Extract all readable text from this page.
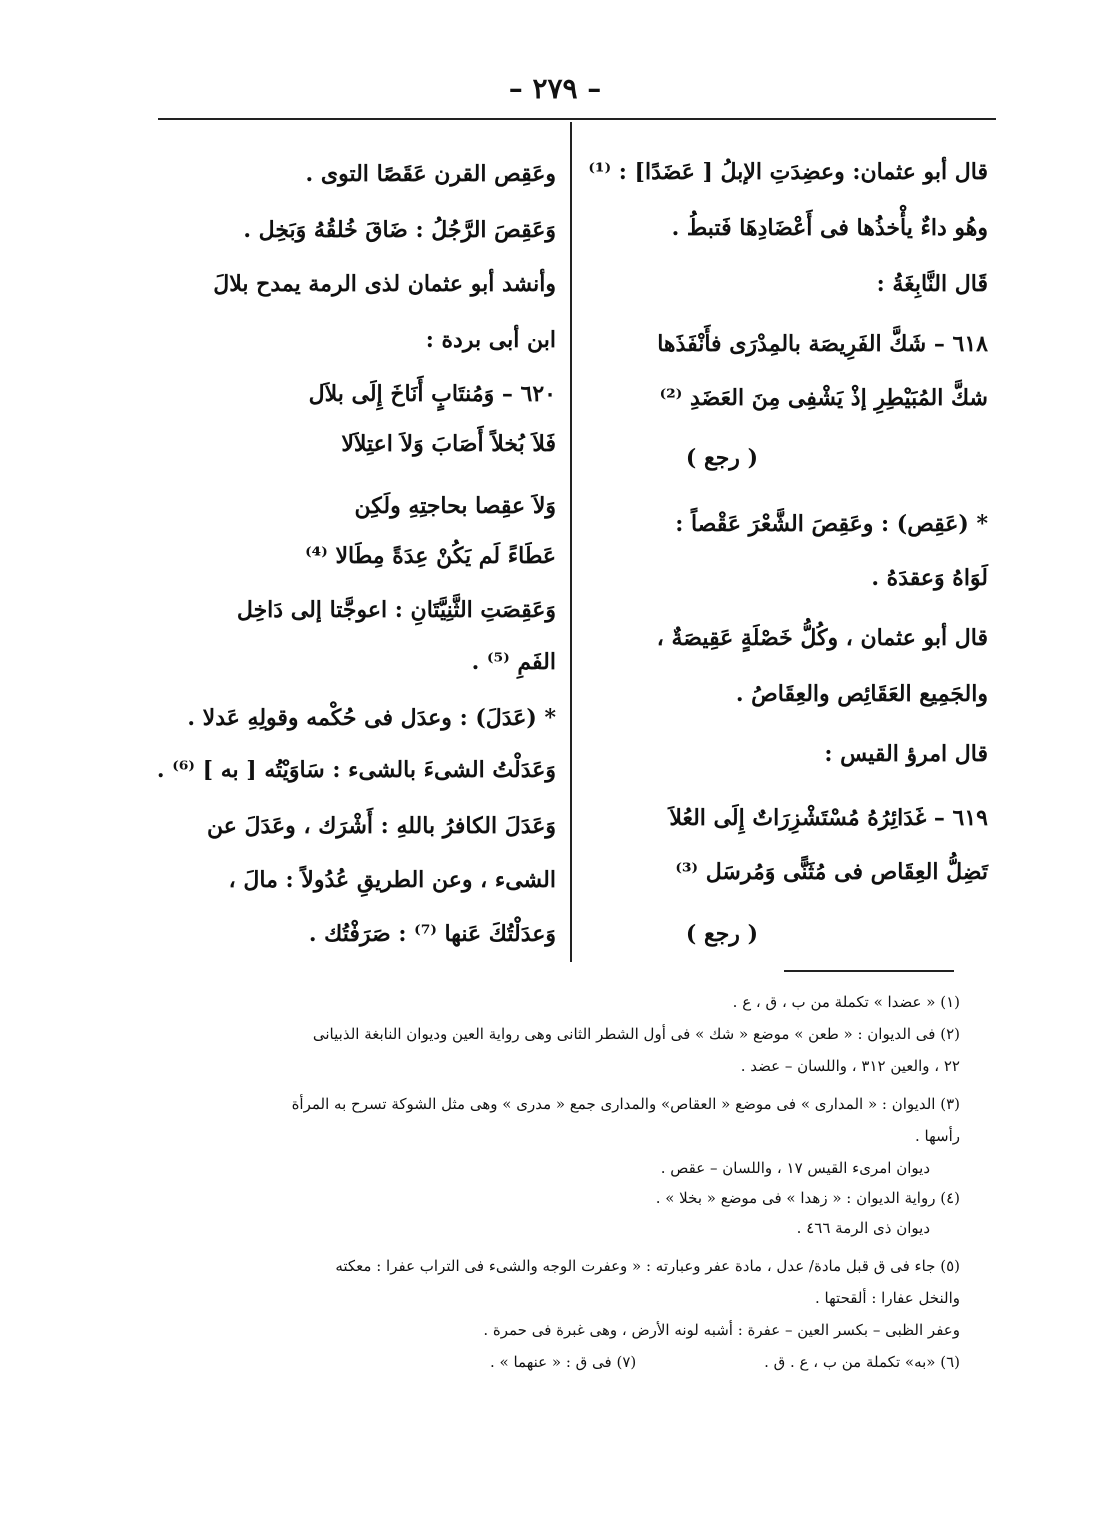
– ٢٧٩ –
قال أبو عثمان: وعضِدَتِ الإبلُ [ عَضَدًا] : ⁽¹⁾
وهُو داءٌ يأْخذُها فى أَعْضَادِهَا فَتبطُ .
قَال النَّابِغَةُ :
٦١٨ – شَكَّ الفَرِيصَة بالمِدْرَى فأَنْفَذَها
شكَّ المُبَيْطِرِ إذْ يَشْفِى مِنَ العَضَدِ ⁽²⁾
( رجع )
* (عَقِص) : وعَقِصَ الشَّعْرَ عَقْصاً :
لَوَاهُ وَعقدَهُ .
قال أبو عثمان ، وكُلُّ خَصْلَةٍ عَقِيصَةٌ ،
والجَمِيع العَقَائِص والعِقَاصُ .
قال امرؤ القيس :
٦١٩ – غَدَائِرُهُ مُسْتَشْزِرَاتٌ إِلَى العُلاَ
تَضِلُّ العِقَاص فى مُثَنًّى وَمُرسَل ⁽³⁾
( رجع )
وعَقِص القرن عَقَصًا التوى .
وَعَقِصَ الرَّجُلُ : ضَاقَ خُلقُهُ وَبَخِل .
وأنشد أبو عثمان لذى الرمة يمدح بلالَ
ابن أبى بردة :
٦٢٠ – وَمُنتَابٍ أَنَاخَ إِلَى بلاَل
فَلاَ بُخلاً أَصَابَ وَلاَ اعتِلاَلا
وَلاَ عقِصا بحاجتِهِ ولَكِن
عَطَاءً لَم يَكُنْ عِدَةً مِطَالا ⁽⁴⁾
وَعَقِصَتِ الثَّنِيَّتَانِ : اعوجَّتا إلى دَاخِل
الفَمِ ⁽⁵⁾ .
* (عَدَلَ) : وعدَل فى حُكْمه وقولِهِ عَدلا .
وَعَدَلْتُ الشىءَ بالشىء : سَاوَيْتُه [ به ] ⁽⁶⁾ .
وَعَدَلَ الكافرُ باللهِ : أَشْرَك ، وعَدَلَ عن
الشىء ، وعن الطريقِ عُدُولاً : مالَ ،
وَعدَلْتُكَ عَنها ⁽⁷⁾ : صَرَفْتُك .
(١) « عضدا » تكملة من ب ، ق ، ع .
(٢) فى الديوان : « طعن » موضع « شك » فى أول الشطر الثانى وهى رواية العين وديوان النابغة الذبيانى
٢٢ ، والعين ٣١٢ ، واللسان – عضد .
(٣) الديوان : « المدارى » فى موضع « العقاص» والمدارى جمع « مدرى » وهى مثل الشوكة تسرح به المرأة
رأسها .
ديوان امرىء القيس ١٧ ، واللسان – عقص .
(٤) رواية الديوان : « زهدا » فى موضع « بخلا » .
ديوان ذى الرمة ٤٦٦ .
(٥) جاء فى ق قبل مادة/ عدل ، مادة عفر وعبارته : « وعفرت الوجه والشىء فى التراب عفرا : معكته
والنخل عفارا : ألقحتها .
وعفر الظبى – بكسر العين – عفرة : أشبه لونه الأرض ، وهى غبرة فى حمرة .
(٦) «به» تكملة من ب ، ع . ق .
(٧) فى ق : « عنهما » .
